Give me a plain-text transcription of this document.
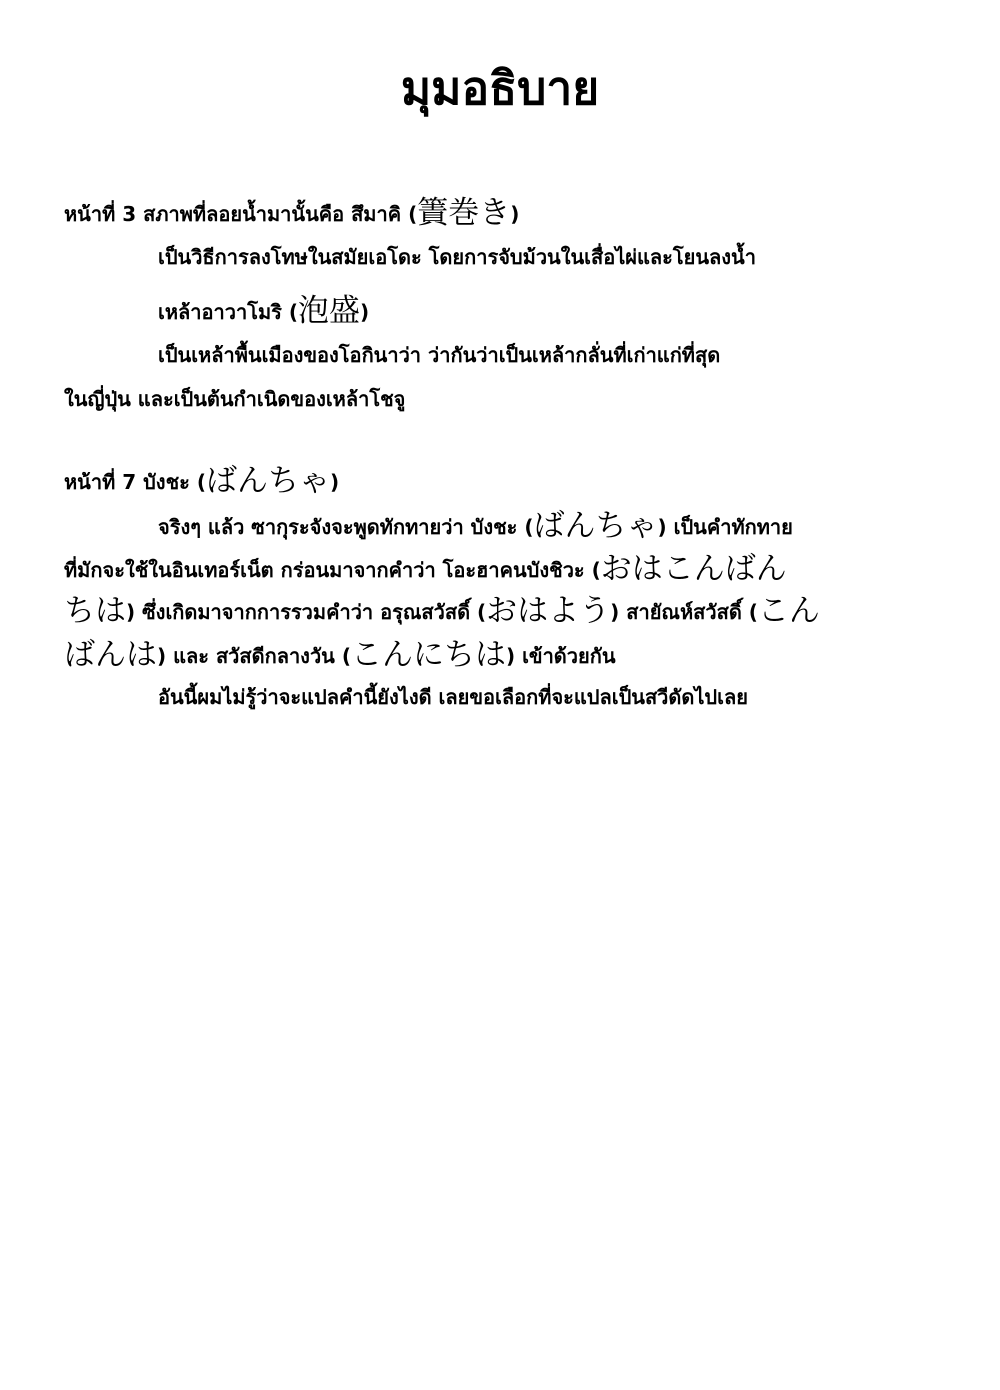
มุมอธิบาย
หน้าที่ 3 สภาพที่ลอยน้ำมานั้นคือ สึมาคิ (簀巻き)
เป็นวิธีการลงโทษในสมัยเอโดะ โดยการจับม้วนในเสื่อไผ่และโยนลงน้ำ
เหล้าอาวาโมริ (泡盛)
เป็นเหล้าพื้นเมืองของโอกินาว่า ว่ากันว่าเป็นเหล้ากลั่นที่เก่าแก่ที่สุด
ในญี่ปุ่น และเป็นต้นกำเนิดของเหล้าโชจู
หน้าที่ 7 บังชะ (ばんちゃ)
จริงๆ แล้ว ซากุระจังจะพูดทักทายว่า บังชะ (ばんちゃ) เป็นคำทักทาย
ที่มักจะใช้ในอินเทอร์เน็ต กร่อนมาจากคำว่า โอะฮาคนบังชิวะ (おはこんばん
ちは) ซึ่งเกิดมาจากการรวมคำว่า อรุณสวัสดิ์ (おはよう) สายัณห์สวัสดิ์ (こん
ばんは) และ สวัสดีกลางวัน (こんにちは) เข้าด้วยกัน
อันนี้ผมไม่รู้ว่าจะแปลคำนี้ยังไงดี เลยขอเลือกที่จะแปลเป็นสวีดัดไปเลย
